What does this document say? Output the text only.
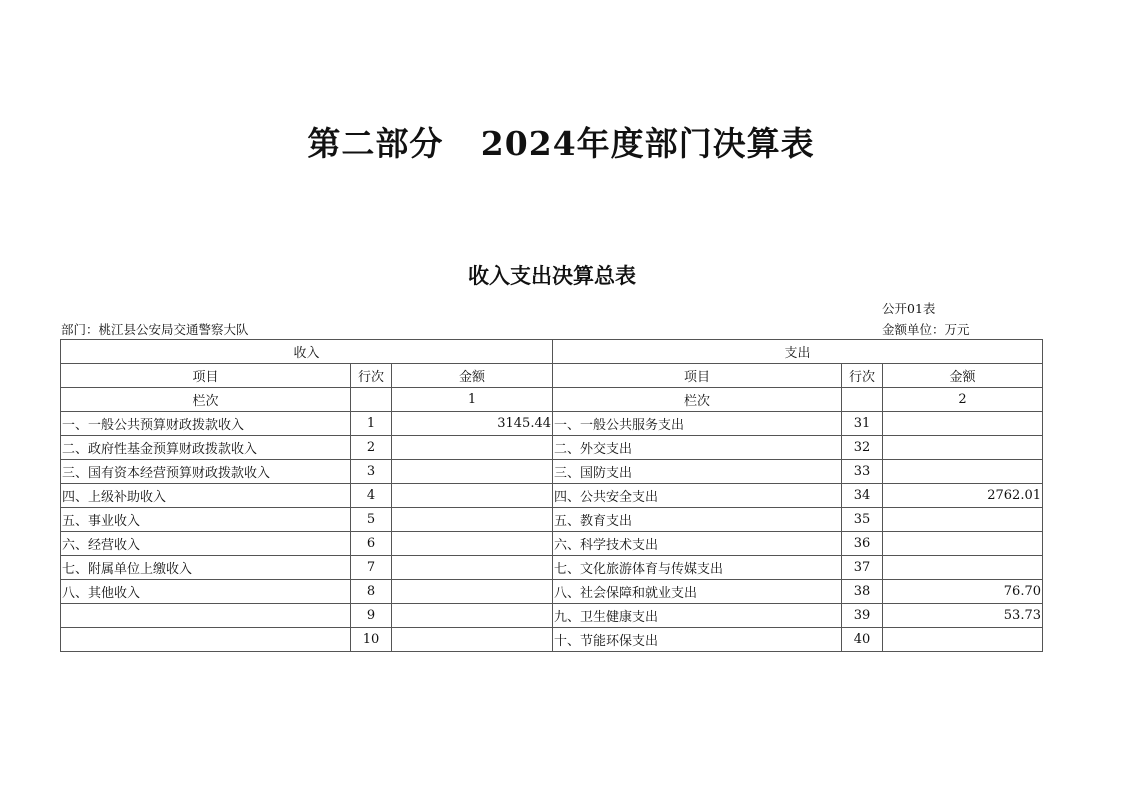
第二部分   2024年度部门决算表
收入支出决算总表
公开01表
金额单位：万元
部门：桃江县公安局交通警察大队
收入			支出		
项目	行次	金额	项目	行次	金额
栏次		1	栏次		2
一、一般公共预算财政拨款收入	1	3145.44	一、一般公共服务支出	31	
二、政府性基金预算财政拨款收入	2		二、外交支出	32	
三、国有资本经营预算财政拨款收入	3		三、国防支出	33	
四、上级补助收入	4		四、公共安全支出	34	2762.01
五、事业收入	5		五、教育支出	35	
六、经营收入	6		六、科学技术支出	36	
七、附属单位上缴收入	7		七、文化旅游体育与传媒支出	37	
八、其他收入	8		八、社会保障和就业支出	38	76.70
	9		九、卫生健康支出	39	53.73
	10		十、节能环保支出	40	
